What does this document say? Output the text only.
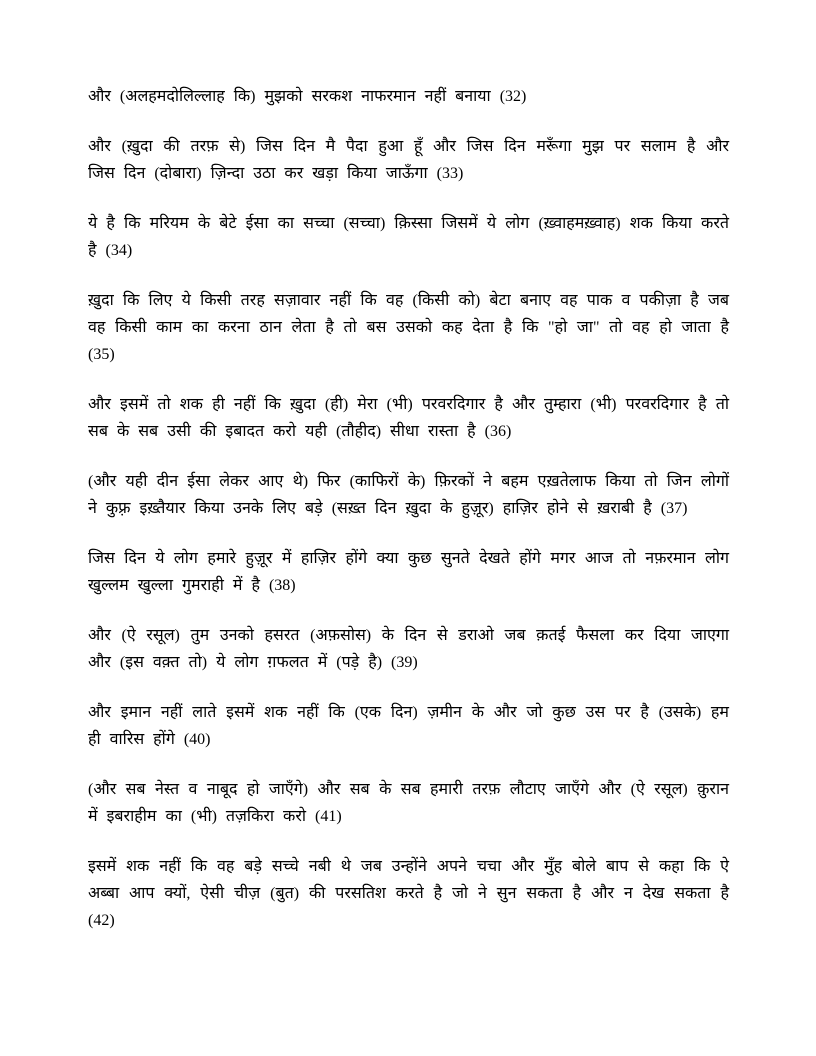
और (अलहमदोलिल्लाह कि) मुझको सरकश नाफरमान नहीं बनाया (32)

और (ख़ुदा की तरफ़ से) जिस दिन मै पैदा हुआ हूँ और जिस दिन मरूँगा मुझ पर सलाम है और जिस दिन (दोबारा) ज़िन्दा उठा कर खड़ा किया जाऊँगा (33)

ये है कि मरियम के बेटे ईसा का सच्चा (सच्चा) क़िस्सा जिसमें ये लोग (ख़्वाहमख़्वाह) शक किया करते है (34)

ख़ुदा कि लिए ये किसी तरह सज़ावार नहीं कि वह (किसी को) बेटा बनाए वह पाक व पकीज़ा है जब वह किसी काम का करना ठान लेता है तो बस उसको कह देता है कि "हो जा" तो वह हो जाता है (35)

और इसमें तो शक ही नहीं कि ख़ुदा (ही) मेरा (भी) परवरदिगार है और तुम्हारा (भी) परवरदिगार है तो सब के सब उसी की इबादत करो यही (तौहीद) सीधा रास्ता है (36)

(और यही दीन ईसा लेकर आए थे) फिर (काफिरों के) फ़िरकों ने बहम एख़तेलाफ किया तो जिन लोगों ने कुफ़्र इख़्तैयार किया उनके लिए बड़े (सख़्त दिन ख़ुदा के हुज़ूर) हाज़िर होने से ख़राबी है (37)

जिस दिन ये लोग हमारे हुज़ूर में हाज़िर होंगे क्या कुछ सुनते देखते होंगे मगर आज तो नफ़रमान लोग खुल्लम खुल्ला गुमराही में है (38)

और (ऐ रसूल) तुम उनको हसरत (अफ़सोस) के दिन से डराओ जब क़तई फैसला कर दिया जाएगा और (इस वक़्त तो) ये लोग ग़फलत में (पड़े है) (39)

और इमान नहीं लाते इसमें शक नहीं कि (एक दिन) ज़मीन के और जो कुछ उस पर है (उसके) हम ही वारिस होंगे (40)

(और सब नेस्त व नाबूद हो जाएँगे) और सब के सब हमारी तरफ़ लौटाए जाएँगे और (ऐ रसूल) क़ुरान में इबराहीम का (भी) तज़किरा करो (41)

इसमें शक नहीं कि वह बड़े सच्चे नबी थे जब उन्होंने अपने चचा और मुँह बोले बाप से कहा कि ऐ अब्बा आप क्यों, ऐसी चीज़ (बुत) की परसतिश करते है जो ने सुन सकता है और न देख सकता है (42)
